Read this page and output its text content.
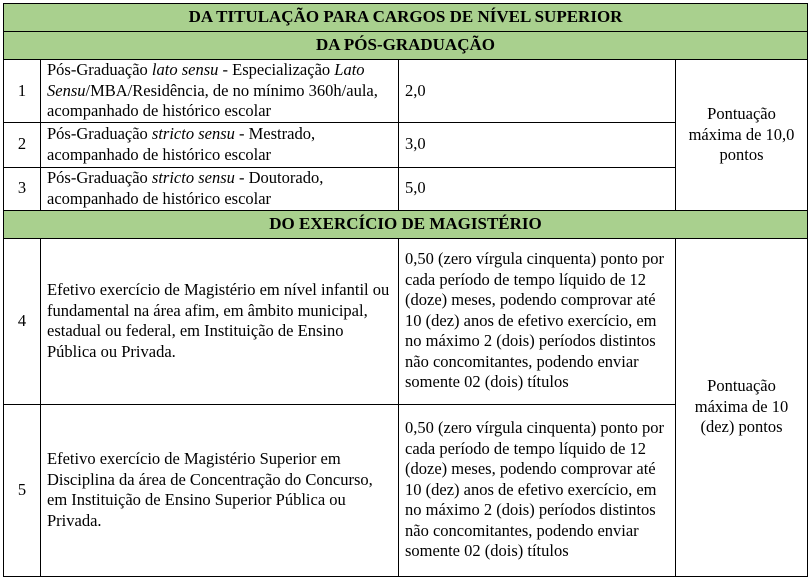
DA TITULAÇÃO PARA CARGOS DE NÍVEL SUPERIOR			
DA PÓS-GRADUAÇÃO			
1	Pós-Graduação lato sensu - Especialização Lato Sensu/MBA/Residência, de no mínimo 360h/aula, acompanhado de histórico escolar	2,0	Pontuação máxima de 10,0 pontos
2	Pós-Graduação stricto sensu - Mestrado, acompanhado de histórico escolar	3,0	
3	Pós-Graduação stricto sensu - Doutorado, acompanhado de histórico escolar	5,0	
DO EXERCÍCIO DE MAGISTÉRIO			
4	Efetivo exercício de Magistério em nível infantil ou fundamental na área afim, em âmbito municipal, estadual ou federal, em Instituição de Ensino Pública ou Privada.	0,50 (zero vírgula cinquenta) ponto por cada período de tempo líquido de 12 (doze) meses, podendo comprovar até 10 (dez) anos de efetivo exercício, em no máximo 2 (dois) períodos distintos não concomitantes, podendo enviar somente 02 (dois) títulos	Pontuação máxima de 10 (dez) pontos
5	Efetivo exercício de Magistério Superior em Disciplina da área de Concentração do Concurso, em Instituição de Ensino Superior Pública ou Privada.	0,50 (zero vírgula cinquenta) ponto por cada período de tempo líquido de 12 (doze) meses, podendo comprovar até 10 (dez) anos de efetivo exercício, em no máximo 2 (dois) períodos distintos não concomitantes, podendo enviar somente 02 (dois) títulos	
